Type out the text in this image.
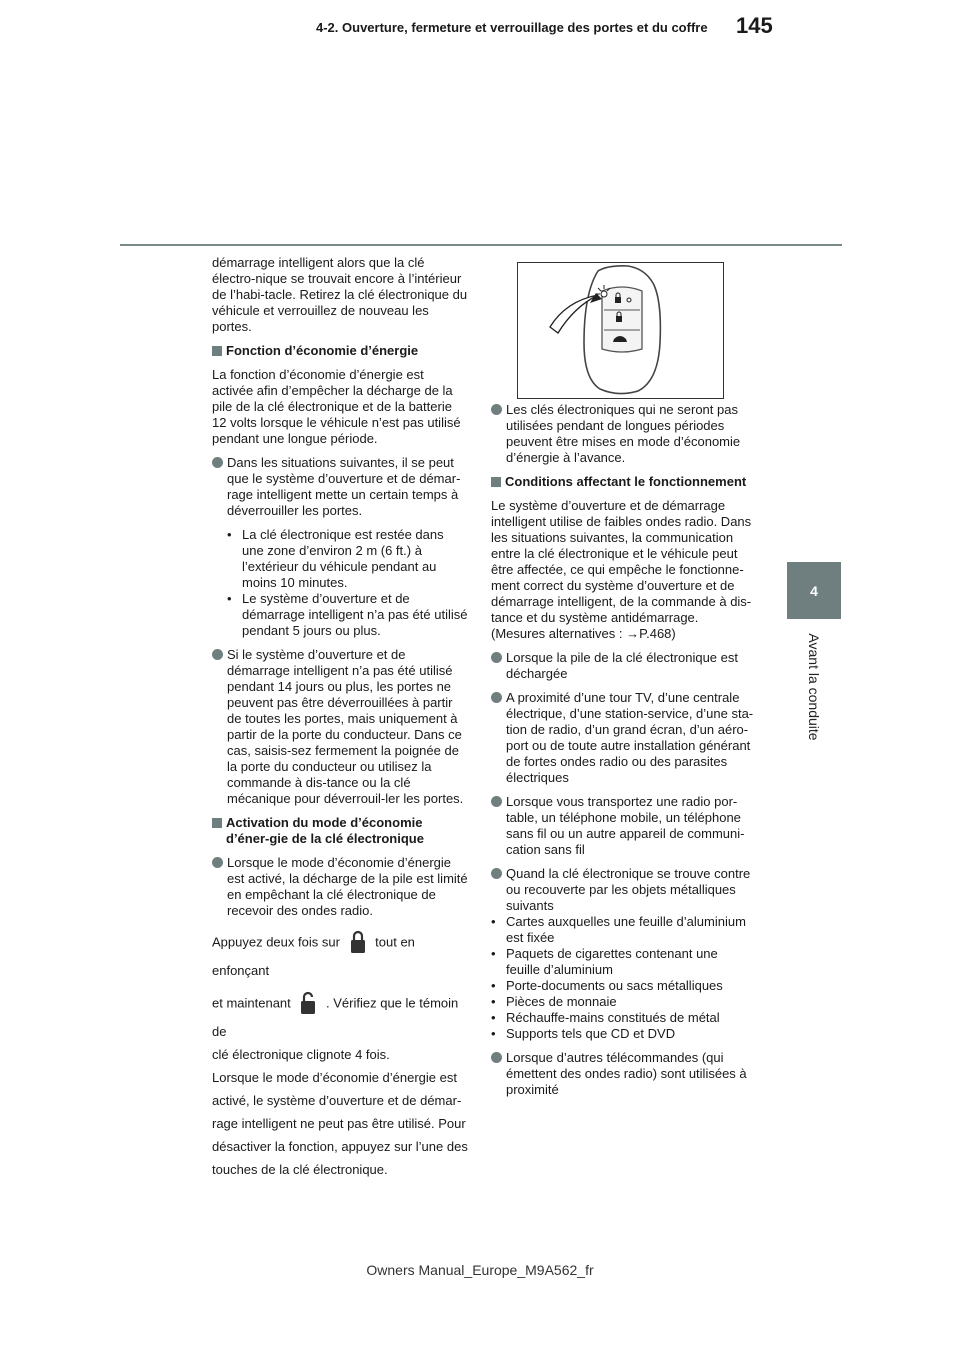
4-2. Ouverture, fermeture et verrouillage des portes et du coffre 145
4
Avant la conduite

démarrage intelligent alors que la clé électro-nique se trouvait encore à l’intérieur de l’habi-tacle. Retirez la clé électronique du véhicule et verrouillez de nouveau les portes.

Fonction d’économie d’énergie

La fonction d’économie d’énergie est activée afin d’empêcher la décharge de la pile de la clé électronique et de la batterie 12 volts lorsque le véhicule n’est pas utilisé pendant une longue période.

Dans les situations suivantes, il se peut que le système d’ouverture et de démar-rage intelligent mette un certain temps à déverrouiller les portes.

• La clé électronique est restée dans une zone d’environ 2 m (6 ft.) à l’extérieur du véhicule pendant au moins 10 minutes.
• Le système d’ouverture et de démarrage intelligent n’a pas été utilisé pendant 5 jours ou plus.

Si le système d’ouverture et de démarrage intelligent n’a pas été utilisé pendant 14 jours ou plus, les portes ne peuvent pas être déverrouillées à partir de toutes les portes, mais uniquement à partir de la porte du conducteur. Dans ce cas, saisis-sez fermement la poignée de la porte du conducteur ou utilisez la commande à dis-tance ou la clé mécanique pour déverrouil-ler les portes.

Activation du mode d’économie d’éner-gie de la clé électronique

Lorsque le mode d’économie d’énergie est activé, la décharge de la pile est limité en empêchant la clé électronique de recevoir des ondes radio.

Appuyez deux fois sur	tout en enfonçant

et maintenant	. Vérifiez que le témoin de

clé électronique clignote 4 fois.

Lorsque le mode d’économie d’énergie est activé, le système d’ouverture et de démar-rage intelligent ne peut pas être utilisé. Pour désactiver la fonction, appuyez sur l’une des touches de la clé électronique.

Les clés électroniques qui ne seront pas utilisées pendant de longues périodes peuvent être mises en mode d’économie d’énergie à l’avance.

Conditions affectant le fonctionnement

Le système d’ouverture et de démarrage intelligent utilise de faibles ondes radio. Dans les situations suivantes, la communication entre la clé électronique et le véhicule peut être affectée, ce qui empêche le fonctionne-ment correct du système d’ouverture et de démarrage intelligent, de la commande à dis-tance et du système antidémarrage. (Mesures alternatives : →P.468)

Lorsque la pile de la clé électronique est déchargée

A proximité d’une tour TV, d’une centrale électrique, d’une station-service, d’une sta-tion de radio, d’un grand écran, d’un aéro-port ou de toute autre installation générant de fortes ondes radio ou des parasites électriques

Lorsque vous transportez une radio por-table, un téléphone mobile, un téléphone sans fil ou un autre appareil de communi-cation sans fil

Quand la clé électronique se trouve contre ou recouverte par les objets métalliques suivants

• Cartes auxquelles une feuille d’aluminium est fixée
• Paquets de cigarettes contenant une feuille d’aluminium
• Porte-documents ou sacs métalliques
• Pièces de monnaie
• Réchauffe-mains constitués de métal
• Supports tels que CD et DVD

Lorsque d’autres télécommandes (qui émettent des ondes radio) sont utilisées à proximité

Owners Manual_Europe_M9A562_fr
